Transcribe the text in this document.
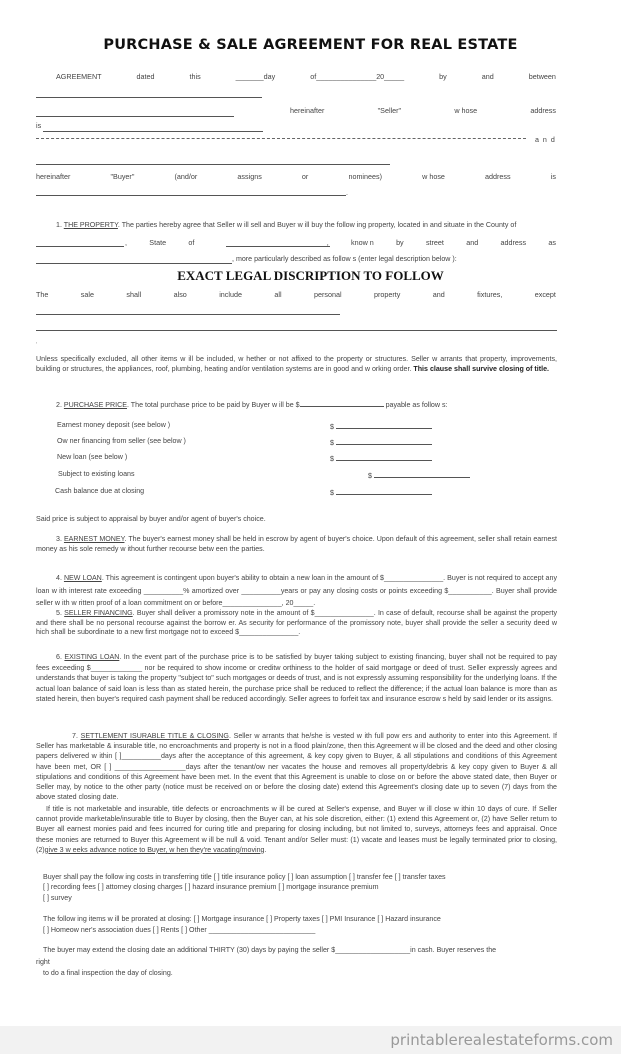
PURCHASE & SALE AGREEMENT FOR REAL ESTATE
AGREEMENT	dated	this	_______day	of_______________20_____	by	and	between
hereinafter	"Seller"	w hose	address
is
a n d
hereinafter	"Buyer"	(and/or	assigns	or	nominees)	w hose	address	is
.
1. THE PROPERTY. The parties hereby agree that Seller w ill sell and Buyer w ill buy the follow ing property, located in and situate in the County of
,	State	of	,	know n	by	street	and	address	as
, more particularly described as follow s (enter legal description below ):
EXACT LEGAL DISCRIPTION TO FOLLOW
The	sale	shall	also	include	all	personal	property	and	fixtures,	except
'
Unless specifically excluded, all other items w ill be included, w hether or not affixed to the property or structures. Seller w arrants that property, improvements, building or structures, the appliances, roof, plumbing, heating and/or ventilation systems are in good and w orking order. This clause shall survive closing of title.
2. PURCHASE PRICE. The total purchase price to be paid by Buyer w ill be $	payable as follow s:
Earnest money deposit (see below )	$
Ow ner financing from seller (see below )	$
New loan (see below )	$
Subject to existing loans	$
Cash balance due at closing	$
Said price is subject to appraisal by buyer and/or agent of buyer's choice.
3. EARNEST MONEY. The buyer's earnest money shall be held in escrow by agent of buyer's choice. Upon default of this agreement, seller shall retain earnest money as his sole remedy w ithout further recourse betw een the parties.
4. NEW LOAN. This agreement is contingent upon buyer's ability to obtain a new loan in the amount of $_______________. Buyer is not required to accept any loan w ith interest rate exceeding __________% amortized over __________years or pay any closing costs or points exceeding $___________. Buyer shall provide seller w ith w ritten proof of a loan commitment on or before_______________, 20_____.
5. SELLER FINANCING. Buyer shall deliver a promissory note in the amount of $_______________. In case of default, recourse shall be against the property and there shall be no personal recourse against the borrow er. As security for performance of the promissory note, buyer shall provide the seller a security deed w hich shall be subordinate to a new first mortgage not to exceed $_______________.
6. EXISTING LOAN. In the event part of the purchase price is to be satisfied by buyer taking subject to existing financing, buyer shall not be required to pay fees exceeding $_____________ nor be required to show income or creditw orthiness to the holder of said mortgage or deed of trust. Seller expressly agrees and understands that buyer is taking the property "subject to" such mortgages or deeds of trust, and is not expressly assuming responsibility for the underlying loans. If the actual loan balance of said loan is less than as stated herein, the purchase price shall be reduced to reflect the difference; if the actual loan balance is more than as stated herein, then buyer's required cash payment shall be reduced accordingly. Seller agrees to forfeit tax and insurance escrow s held by said lender or its assigns.
7. SETTLEMENT ISURABLE TITLE & CLOSING. Seller w arrants that he/she is vested w ith full pow ers and authority to enter into this Agreement. If Seller has marketable & insurable title, no encroachments and property is not in a flood plain/zone, then this Agreement w ill be closed and the deed and other closing papers delivered w ithin [ ]__________days after the acceptance of this agreement, & key copy given to Buyer, & all stipulations and conditions of this Agreement have been met, OR [ ] __________________days after the tenant/ow ner vacates the house and removes all property/debris & key copy given to Buyer & all stipulations and conditions of this Agreement have been met. In the event that this Agreement is unable to close on or before the above stated date, then Buyer or Seller may, by notice to the other party (notice must be received on or before the closing date) extend this Agreement's closing date up to seven (7) days from the above stated closing date.
If title is not marketable and insurable, title defects or encroachments w ill be cured at Seller's expense, and Buyer w ill close w ithin 10 days of cure. If Seller cannot provide marketable/insurable title to Buyer by closing, then the Buyer can, at his sole discretion, either: (1) extend this Agreement or, (2) have Seller return to Buyer all earnest monies paid and fees incurred for curing title and preparing for closing including, but not limited to, surveys, attorneys fees and appraisal. Once these monies are returned to Buyer this Agreement w ill be null & void. Tenant and/or Seller must: (1) vacate and leases must be legally terminated prior to closing, (2)give 3 w eeks advance notice to Buyer, w hen they're vacating/moving.
Buyer shall pay the follow ing costs in transferring title [ ] title insurance policy [ ] loan assumption [ ] transfer fee [ ] transfer taxes
[ ] recording fees [ ] attorney closing charges [ ] hazard insurance premium [ ] mortgage insurance premium
[ ] survey
The follow ing items w ill be prorated at closing: [ ] Mortgage insurance [ ] Property taxes [ ] PMI Insurance [ ] Hazard insurance
[ ] Homeow ner's association dues [ ] Rents [ ] Other ___________________________
The buyer may extend the closing date an additional THIRTY (30) days by paying the seller $___________________in cash. Buyer reserves the
right
to do a final inspection the day of closing.
printablerealestateforms.com
